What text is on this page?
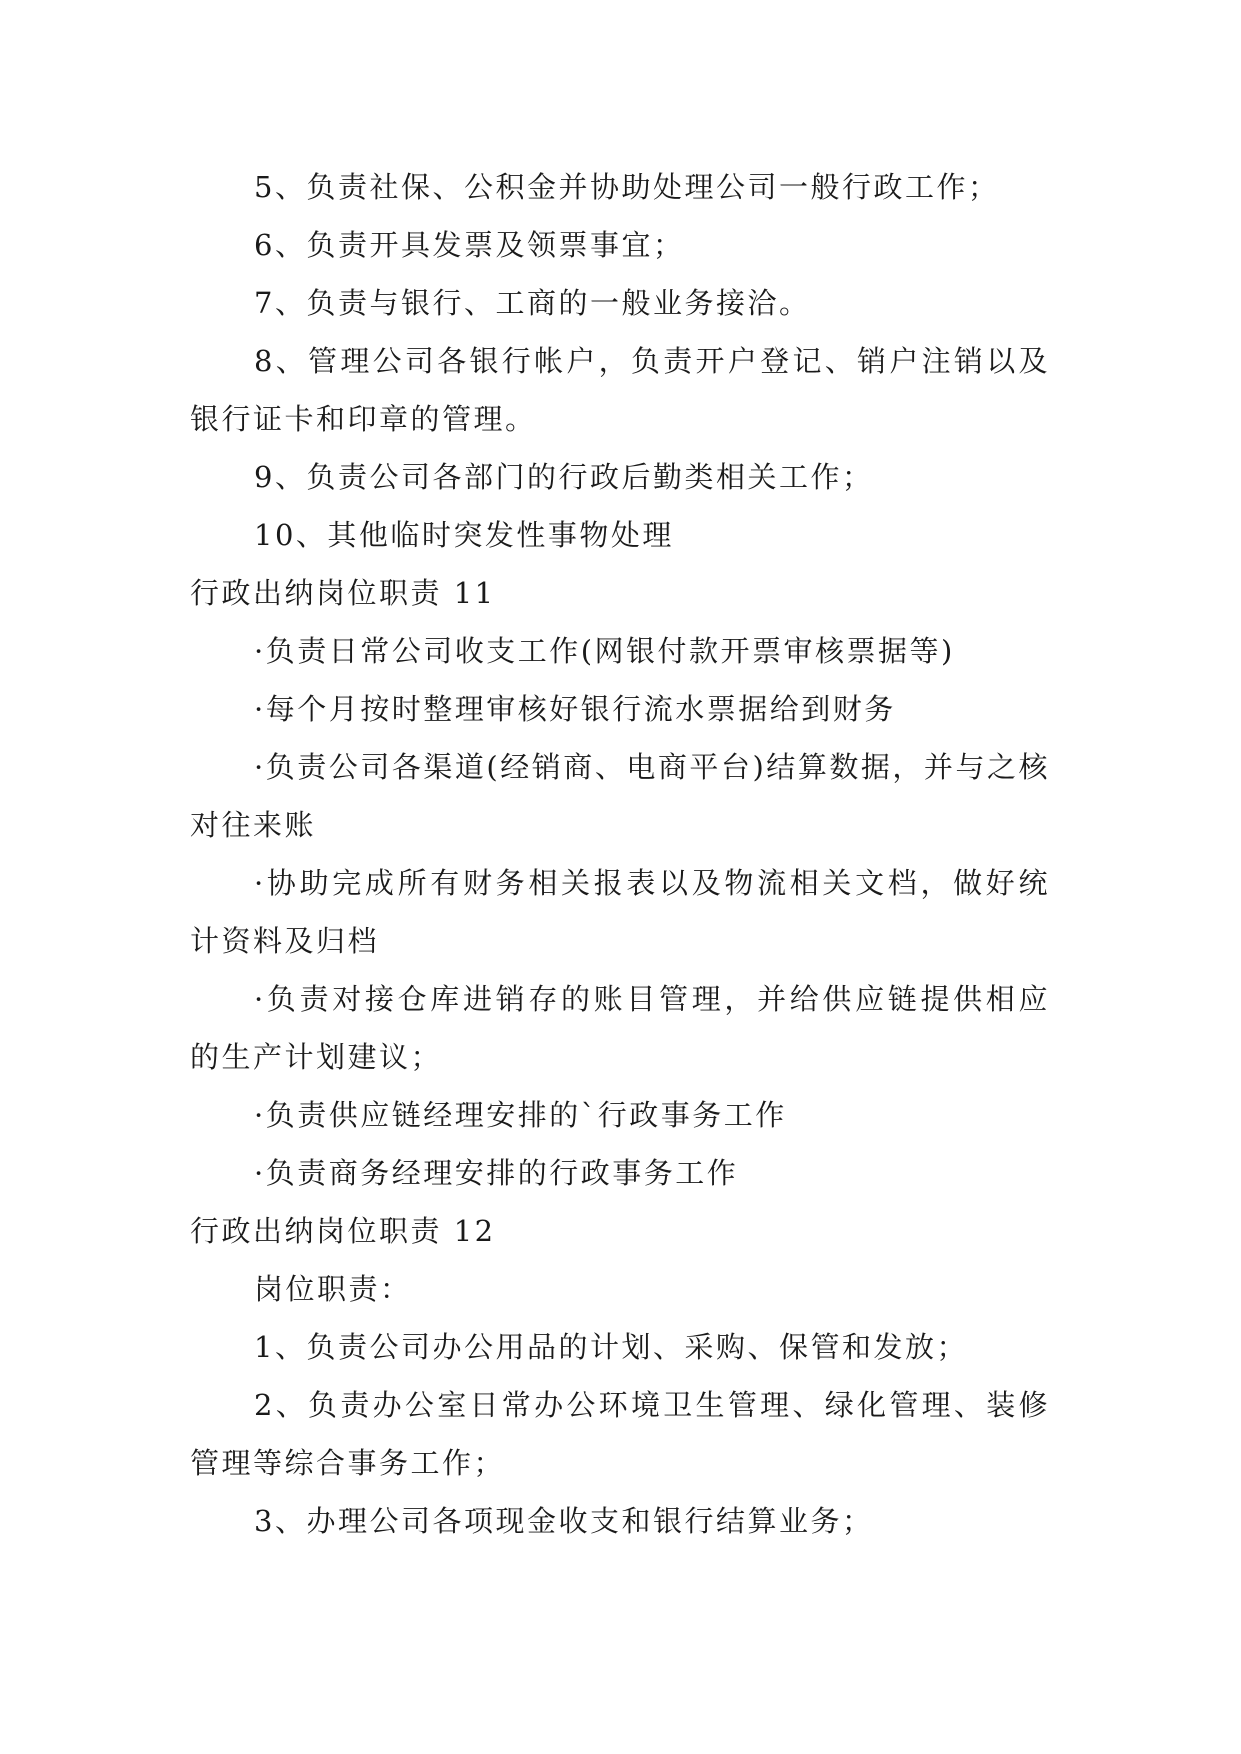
5、负责社保、公积金并协助处理公司一般行政工作；

6、负责开具发票及领票事宜；

7、负责与银行、工商的一般业务接洽。

8、管理公司各银行帐户，负责开户登记、销户注销以及银行证卡和印章的管理。

9、负责公司各部门的行政后勤类相关工作；

10、其他临时突发性事物处理

行政出纳岗位职责 11

·负责日常公司收支工作(网银付款开票审核票据等)

·每个月按时整理审核好银行流水票据给到财务

·负责公司各渠道(经销商、电商平台)结算数据，并与之核对往来账

·协助完成所有财务相关报表以及物流相关文档，做好统计资料及归档

·负责对接仓库进销存的账目管理，并给供应链提供相应的生产计划建议；

·负责供应链经理安排的`行政事务工作

·负责商务经理安排的行政事务工作

行政出纳岗位职责 12

岗位职责：

1、负责公司办公用品的计划、采购、保管和发放；

2、负责办公室日常办公环境卫生管理、绿化管理、装修管理等综合事务工作；

3、办理公司各项现金收支和银行结算业务；
